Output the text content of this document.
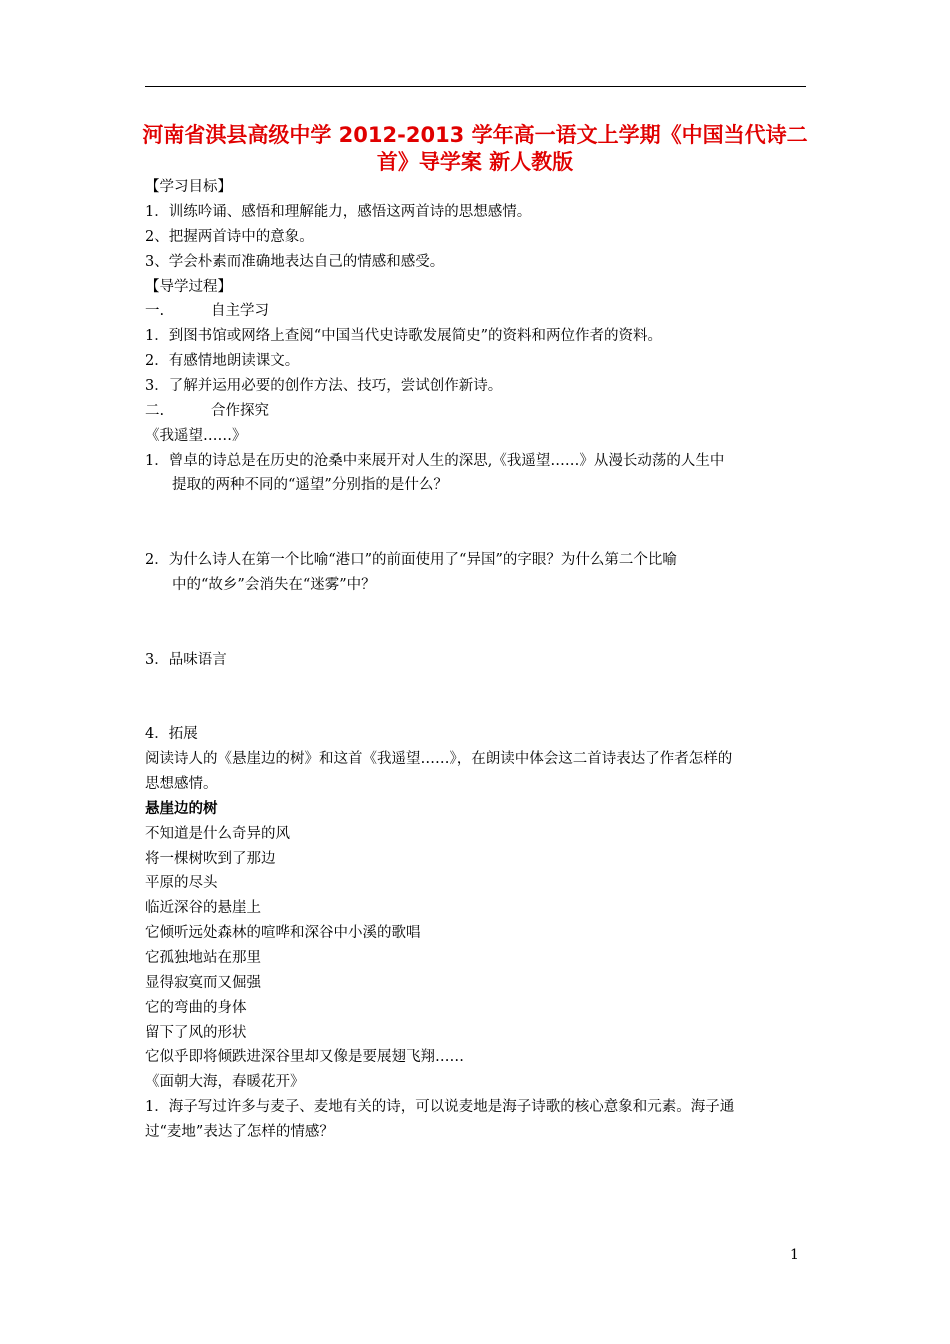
河南省淇县高级中学 2012-2013 学年高一语文上学期《中国当代诗二
首》导学案 新人教版
【学习目标】
1．训练吟诵、感悟和理解能力，感悟这两首诗的思想感情。
2、把握两首诗中的意象。
3、学会朴素而准确地表达自己的情感和感受。
【导学过程】
一.	自主学习
1．到图书馆或网络上查阅“中国当代史诗歌发展简史”的资料和两位作者的资料。
2．有感情地朗读课文。
3．了解并运用必要的创作方法、技巧，尝试创作新诗。
二.	合作探究
《我遥望……》
1．曾卓的诗总是在历史的沧桑中来展开对人生的深思,《我遥望……》从漫长动荡的人生中
提取的两种不同的“遥望”分别指的是什么？
2．为什么诗人在第一个比喻“港口”的前面使用了“异国”的字眼？为什么第二个比喻
中的“故乡”会消失在“迷雾”中？
3．品味语言
4．拓展
阅读诗人的《悬崖边的树》和这首《我遥望……》，在朗读中体会这二首诗表达了作者怎样的
思想感情。
悬崖边的树
不知道是什么奇异的风
将一棵树吹到了那边
平原的尽头
临近深谷的悬崖上
它倾听远处森林的喧哗和深谷中小溪的歌唱
它孤独地站在那里
显得寂寞而又倔强
它的弯曲的身体
留下了风的形状
它似乎即将倾跌进深谷里却又像是要展翅飞翔……
《面朝大海，春暖花开》
1．海子写过许多与麦子、麦地有关的诗，可以说麦地是海子诗歌的核心意象和元素。海子通
过“麦地”表达了怎样的情感？
1
